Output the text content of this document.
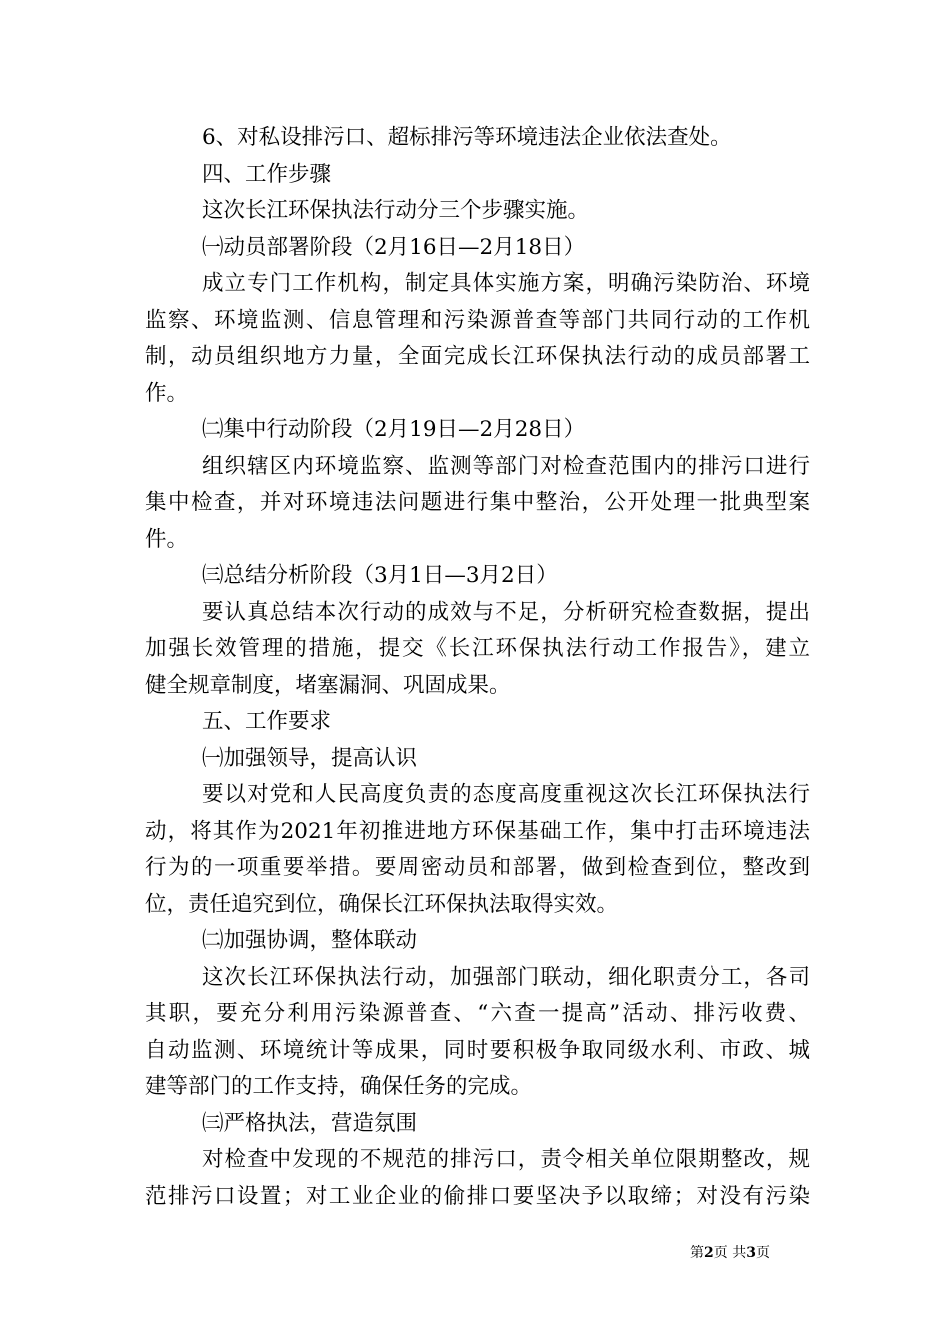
6、对私设排污口、超标排污等环境违法企业依法查处。
四、工作步骤
这次长江环保执法行动分三个步骤实施。
㈠动员部署阶段（2月16日—2月18日）
成立专门工作机构，制定具体实施方案，明确污染防治、环境
监察、环境监测、信息管理和污染源普查等部门共同行动的工作机
制，动员组织地方力量，全面完成长江环保执法行动的成员部署工
作。
㈡集中行动阶段（2月19日—2月28日）
组织辖区内环境监察、监测等部门对检查范围内的排污口进行
集中检查，并对环境违法问题进行集中整治，公开处理一批典型案
件。
㈢总结分析阶段（3月1日—3月2日）
要认真总结本次行动的成效与不足，分析研究检查数据，提出
加强长效管理的措施，提交《长江环保执法行动工作报告》，建立
健全规章制度，堵塞漏洞、巩固成果。
五、工作要求
㈠加强领导，提高认识
要以对党和人民高度负责的态度高度重视这次长江环保执法行
动，将其作为2021年初推进地方环保基础工作，集中打击环境违法
行为的一项重要举措。要周密动员和部署，做到检查到位，整改到
位，责任追究到位，确保长江环保执法取得实效。
㈡加强协调，整体联动
这次长江环保执法行动，加强部门联动，细化职责分工，各司
其职，要充分利用污染源普查、“六查一提高”活动、排污收费、
自动监测、环境统计等成果，同时要积极争取同级水利、市政、城
建等部门的工作支持，确保任务的完成。
㈢严格执法，营造氛围
对检查中发现的不规范的排污口，责令相关单位限期整改，规
范排污口设置；对工业企业的偷排口要坚决予以取缔；对没有污染
第2页 共3页
